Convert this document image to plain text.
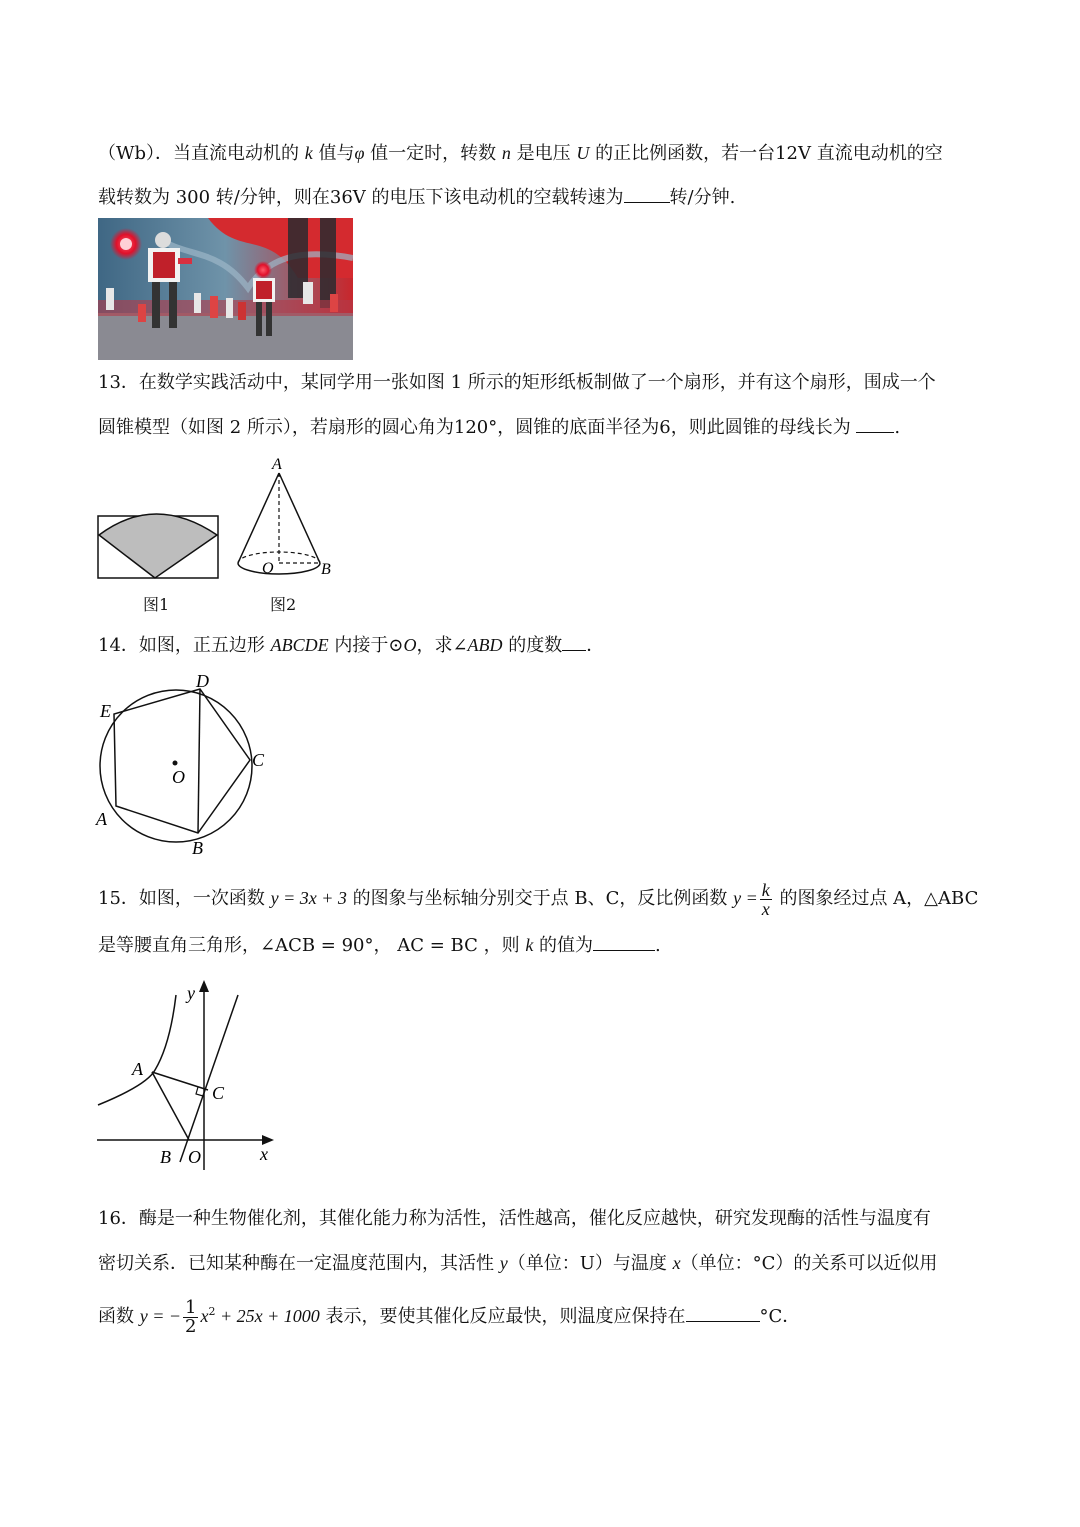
（Wb）．当直流电动机的 k 值与φ 值一定时，转数 n 是电压 U 的正比例函数，若一台12V 直流电动机的空
载转数为 300 转/分钟，则在36V 的电压下该电动机的空载转速为	转/分钟.
13．在数学实践活动中，某同学用一张如图 1 所示的矩形纸板制做了一个扇形，并有这个扇形，围成一个
圆锥模型（如图 2 所示），若扇形的圆心角为120°，圆锥的底面半径为6，则此圆锥的母线长为 .
A
O	B
图1	图2
14．如图，正五边形 ABCDE 内接于⊙O，求∠ABD 的度数 ．
D
E
C
O
A
B
15．如图，一次函数 y = 3x + 3 的图象与坐标轴分别交于点 B、C，反比例函数 $y = \frac{k}{x}$ 的图象经过点 A，△ABC
是等腰直角三角形，∠ACB = 90°， AC = BC ，则 k 的值为	.
y
x
A
C
B O
16．酶是一种生物催化剂，其催化能力称为活性，活性越高，催化反应越快，研究发现酶的活性与温度有
密切关系．已知某种酶在一定温度范围内，其活性 y（单位：U）与温度 x（单位：°C）的关系可以近似用
函数 y = − $\frac{1}{2} x^2 + 25x + 1000$ 表示，要使其催化反应最快，则温度应保持在	°C．
